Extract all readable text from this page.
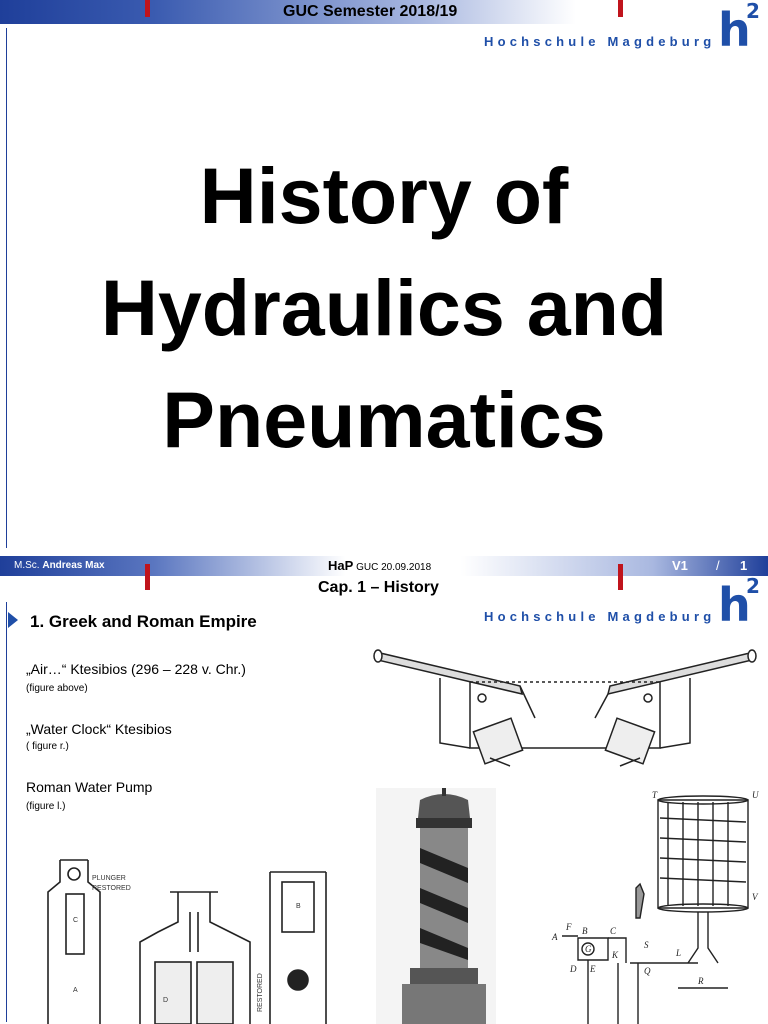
GUC Semester 2018/19
Hochschule Magdeburg h
2
History of
Hydraulics and
Pneumatics
M.Sc. Andreas Max	HaP GUC 20.09.2018	V1 / 1
Cap. 1 – History
Hochschule Magdeburg h
2
1. Greek and Roman Empire
„Air…“ Ktesibios (296 – 228 v. Chr.)
(figure above)
„Water Clock“ Ktesibios
( figure r.)
Roman Water Pump
(figure l.)
PLUNGER
RESTORED
C
A
B
D	RESTORED
T	U
S
V
F
A
B	C
G
K
D E	Q
L
R
